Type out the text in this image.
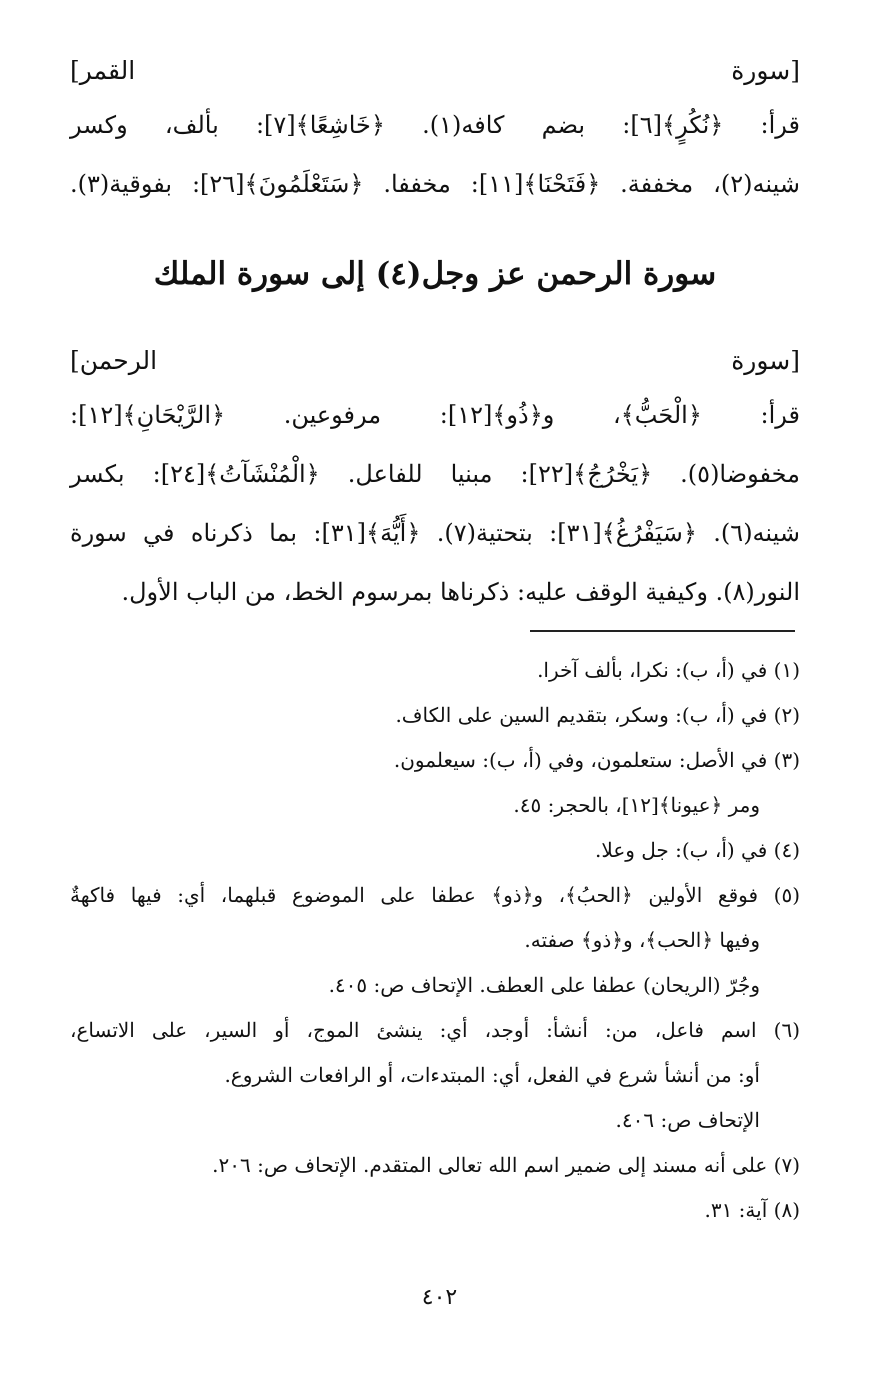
[سورة القمر]
قرأ: ﴿نُكُرٍ﴾[٦]: بضم كافه(١). ﴿خَاشِعًا﴾[٧]: بألف، وكسر
شينه(٢)، مخففة. ﴿فَتَحْنَا﴾[١١]: مخففا. ﴿سَتَعْلَمُونَ﴾[٢٦]: بفوقية(٣).
سورة الرحمن عز وجل(٤) إلى سورة الملك
[سورة الرحمن]
قرأ: ﴿الْحَبُّ﴾، و﴿ذُو﴾[١٢]: مرفوعين. ﴿الرَّيْحَانِ﴾[١٢]:
مخفوضا(٥). ﴿يَخْرُجُ﴾[٢٢]: مبنيا للفاعل. ﴿الْمُنْشَآتُ﴾[٢٤]: بكسر
شينه(٦). ﴿سَيَفْرُغُ﴾[٣١]: بتحتية(٧). ﴿أَيُّهَ﴾[٣١]: بما ذكرناه في سورة
النور(٨). وكيفية الوقف عليه: ذكرناها بمرسوم الخط، من الباب الأول.
(١) في (أ، ب): نكرا، بألف آخرا.
(٢) في (أ، ب): وسكر، بتقديم السين على الكاف.
(٣) في الأصل: ستعلمون، وفي (أ، ب): سيعلمون.
ومر ﴿عيونا﴾[١٢]، بالحجر: ٤٥.
(٤) في (أ، ب): جل وعلا.
(٥) فوقع الأولين ﴿الحبُ﴾، و﴿ذو﴾ عطفا على الموضوع قبلهما، أي: فيها فاكهةٌ
وفيها ﴿الحب﴾، و﴿ذو﴾ صفته.
وجُرّ (الريحان) عطفا على العطف. الإتحاف ص: ٤٠٥.
(٦) اسم فاعل، من: أنشأ: أوجد، أي: ينشئ الموج، أو السير، على الاتساع،
أو: من أنشأ شرع في الفعل، أي: المبتدءات، أو الرافعات الشروع.
الإتحاف ص: ٤٠٦.
(٧) على أنه مسند إلى ضمير اسم الله تعالى المتقدم. الإتحاف ص: ٢٠٦.
(٨) آية: ٣١.
٤٠٢
